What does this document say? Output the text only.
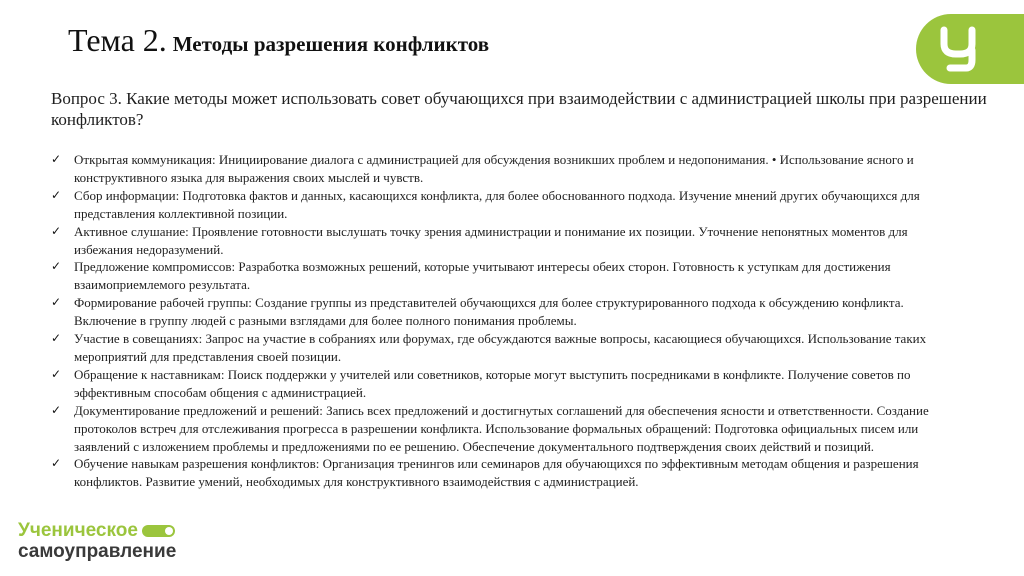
Тема 2. Методы разрешения конфликтов
Вопрос 3. Какие методы может использовать совет обучающихся при взаимодействии с администрацией школы при разрешении конфликтов?
✓ Открытая коммуникация: Инициирование диалога с администрацией для обсуждения возникших проблем и недопонимания. • Использование ясного и конструктивного языка для выражения своих мыслей и чувств.
✓ Сбор информации: Подготовка фактов и данных, касающихся конфликта, для более обоснованного подхода. Изучение мнений других обучающихся для представления коллективной позиции.
✓ Активное слушание: Проявление готовности выслушать точку зрения администрации и понимание их позиции. Уточнение непонятных моментов для избежания недоразумений.
✓ Предложение компромиссов: Разработка возможных решений, которые учитывают интересы обеих сторон. Готовность к уступкам для достижения взаимоприемлемого результата.
✓ Формирование рабочей группы: Создание группы из представителей обучающихся для более структурированного подхода к обсуждению конфликта. Включение в группу людей с разными взглядами для более полного понимания проблемы.
✓ Участие в совещаниях: Запрос на участие в собраниях или форумах, где обсуждаются важные вопросы, касающиеся обучающихся. Использование таких мероприятий для представления своей позиции.
✓ Обращение к наставникам: Поиск поддержки у учителей или советников, которые могут выступить посредниками в конфликте. Получение советов по эффективным способам общения с администрацией.
✓ Документирование предложений и решений: Запись всех предложений и достигнутых соглашений для обеспечения ясности и ответственности. Создание протоколов встреч для отслеживания прогресса в разрешении конфликта. Использование формальных обращений: Подготовка официальных писем или заявлений с изложением проблемы и предложениями по ее решению. Обеспечение документального подтверждения своих действий и позиций.
✓ Обучение навыкам разрешения конфликтов: Организация тренингов или семинаров для обучающихся по эффективным методам общения и разрешения конфликтов. Развитие умений, необходимых для конструктивного взаимодействия с администрацией.
Ученическое
самоуправление
